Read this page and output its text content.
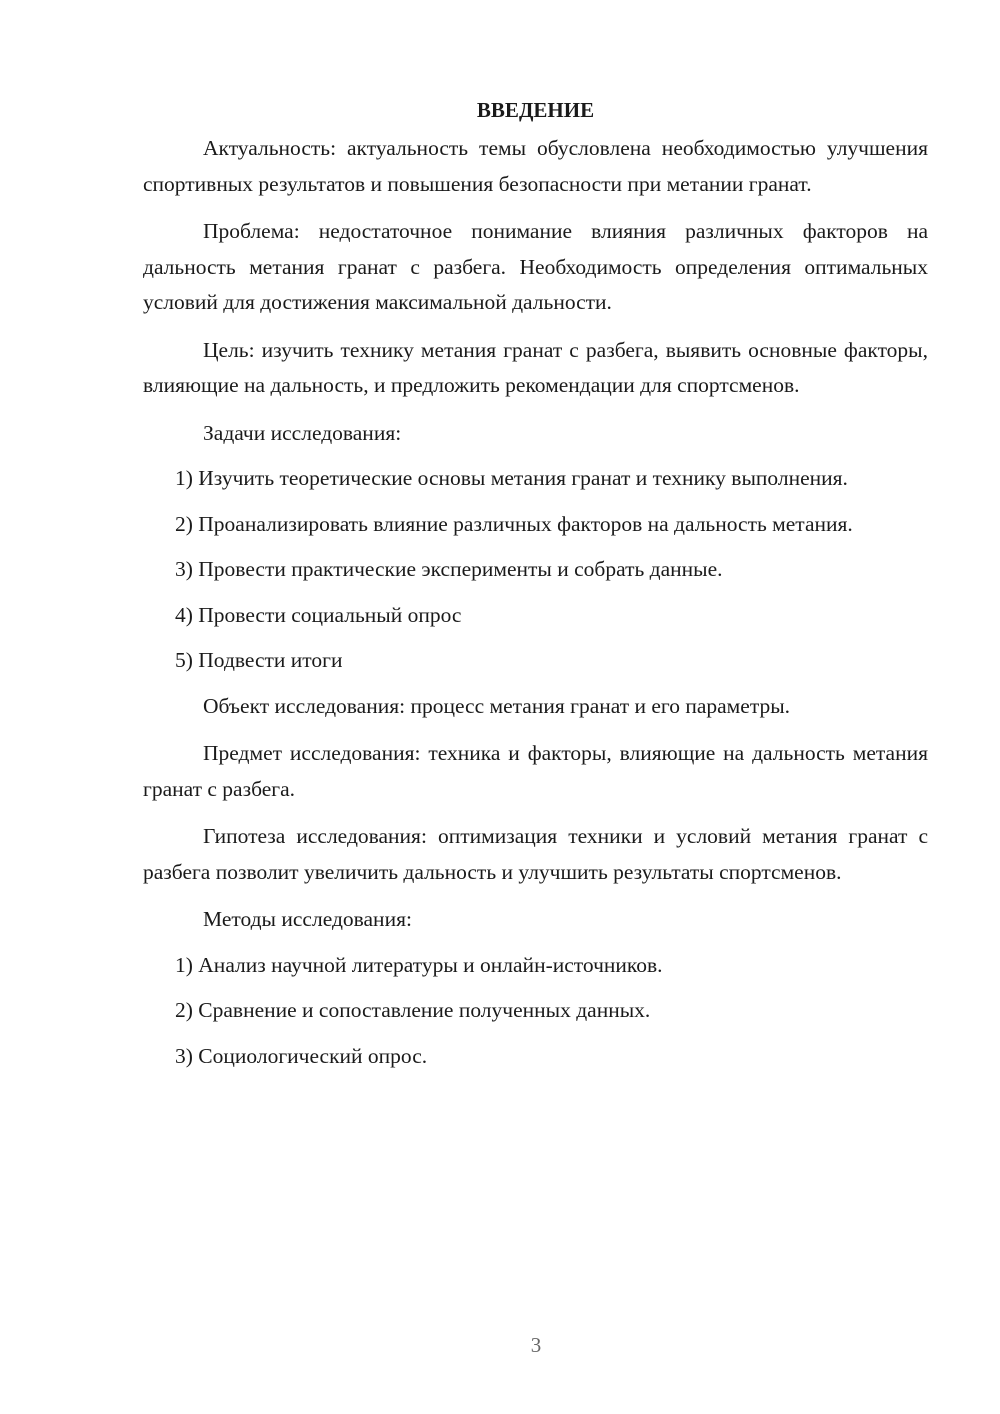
ВВЕДЕНИЕ

Актуальность: актуальность темы обусловлена необходимостью улучшения спортивных результатов и повышения безопасности при метании гранат.

Проблема: недостаточное понимание влияния различных факторов на дальность метания гранат с разбега. Необходимость определения оптимальных условий для достижения максимальной дальности.

Цель: изучить технику метания гранат с разбега, выявить основные факторы, влияющие на дальность, и предложить рекомендации для спортсменов.

Задачи исследования:

1) Изучить теоретические основы метания гранат и технику выполнения.

2) Проанализировать влияние различных факторов на дальность метания.

3) Провести практические эксперименты и собрать данные.

4) Провести социальный опрос

5) Подвести итоги

Объект исследования: процесс метания гранат и его параметры.

Предмет исследования: техника и факторы, влияющие на дальность метания гранат с разбега.

Гипотеза исследования: оптимизация техники и условий метания гранат с разбега позволит увеличить дальность и улучшить результаты спортсменов.

Методы исследования:

1) Анализ научной литературы и онлайн-источников.

2) Сравнение и сопоставление полученных данных.

3) Социологический опрос.

3
